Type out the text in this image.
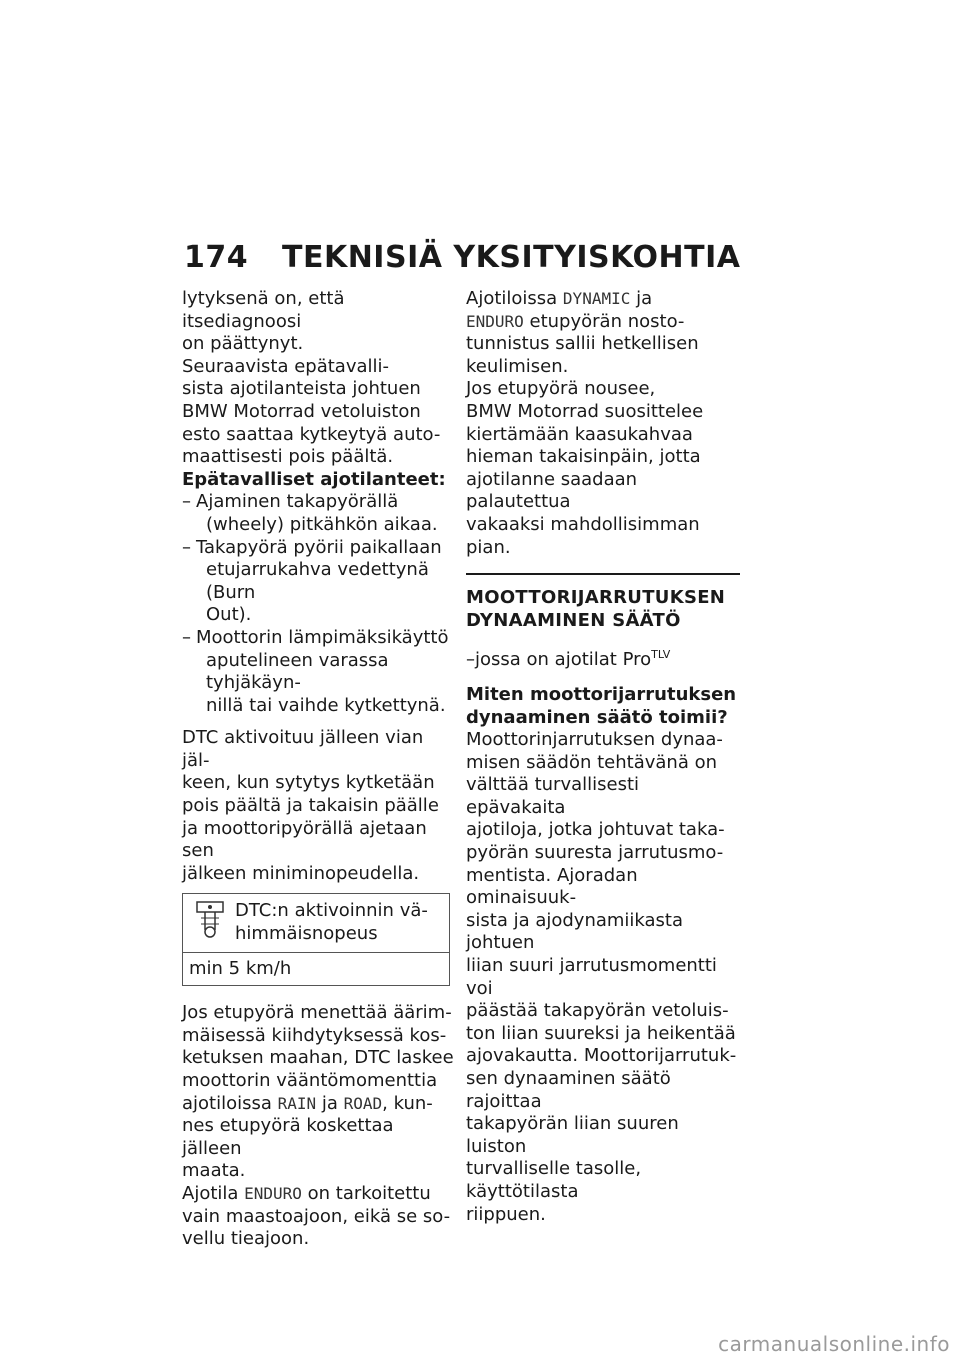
174 TEKNISIÄ YKSITYISKOHTIA

lytyksenä on, että itsediagnoosi

on päättynyt.

Seuraavista epätavalli-

sista ajotilanteista johtuen

BMW Motorrad vetoluiston

esto saattaa kytkeytyä auto-

maattisesti pois päältä.

Epätavalliset ajotilanteet:

– Ajaminen takapyörällä
(wheely) pitkähkön aikaa.
– Takapyörä pyörii paikallaan
etujarrukahva vedettynä (Burn
Out).
– Moottorin lämpimäksikäyttö
aputelineen varassa tyhjäkäyn-
nillä tai vaihde kytkettynä.

DTC aktivoituu jälleen vian jäl-

keen, kun sytytys kytketään

pois päältä ja takaisin päälle

ja moottoripyörällä ajetaan sen

jälkeen miniminopeudella.

DTC:n aktivoinnin vä-

himmäisnopeus

min 5 km/h

Jos etupyörä menettää äärim-

mäisessä kiihdytyksessä kos-

ketuksen maahan, DTC laskee

moottorin vääntömomenttia

ajotiloissa RAIN ja ROAD, kun-

nes etupyörä koskettaa jälleen

maata.

Ajotila ENDURO on tarkoitettu

vain maastoajoon, eikä se so-

vellu tieajoon.

Ajotiloissa DYNAMIC ja

ENDURO etupyörän nosto-

tunnistus sallii hetkellisen

keulimisen.

Jos etupyörä nousee,

BMW Motorrad suosittelee

kiertämään kaasukahvaa

hieman takaisinpäin, jotta

ajotilanne saadaan palautettua

vakaaksi mahdollisimman pian.

MOOTTORIJARRUTUKSEN

DYNAAMINEN SÄÄTÖ

–jossa on ajotilat Pro$^{TLV}$

Miten moottorijarrutuksen

dynaaminen säätö toimii?

Moottorinjarrutuksen dynaa-

misen säädön tehtävänä on

välttää turvallisesti epävakaita

ajotiloja, jotka johtuvat taka-

pyörän suuresta jarrutusmo-

mentista. Ajoradan ominaisuuk-

sista ja ajodynamiikasta johtuen

liian suuri jarrutusmomentti voi

päästää takapyörän vetoluis-

ton liian suureksi ja heikentää

ajovakautta. Moottorijarrutuk-

sen dynaaminen säätö rajoittaa

takapyörän liian suuren luiston

turvalliselle tasolle, käyttötilasta

riippuen.

carmanualsonline.info
